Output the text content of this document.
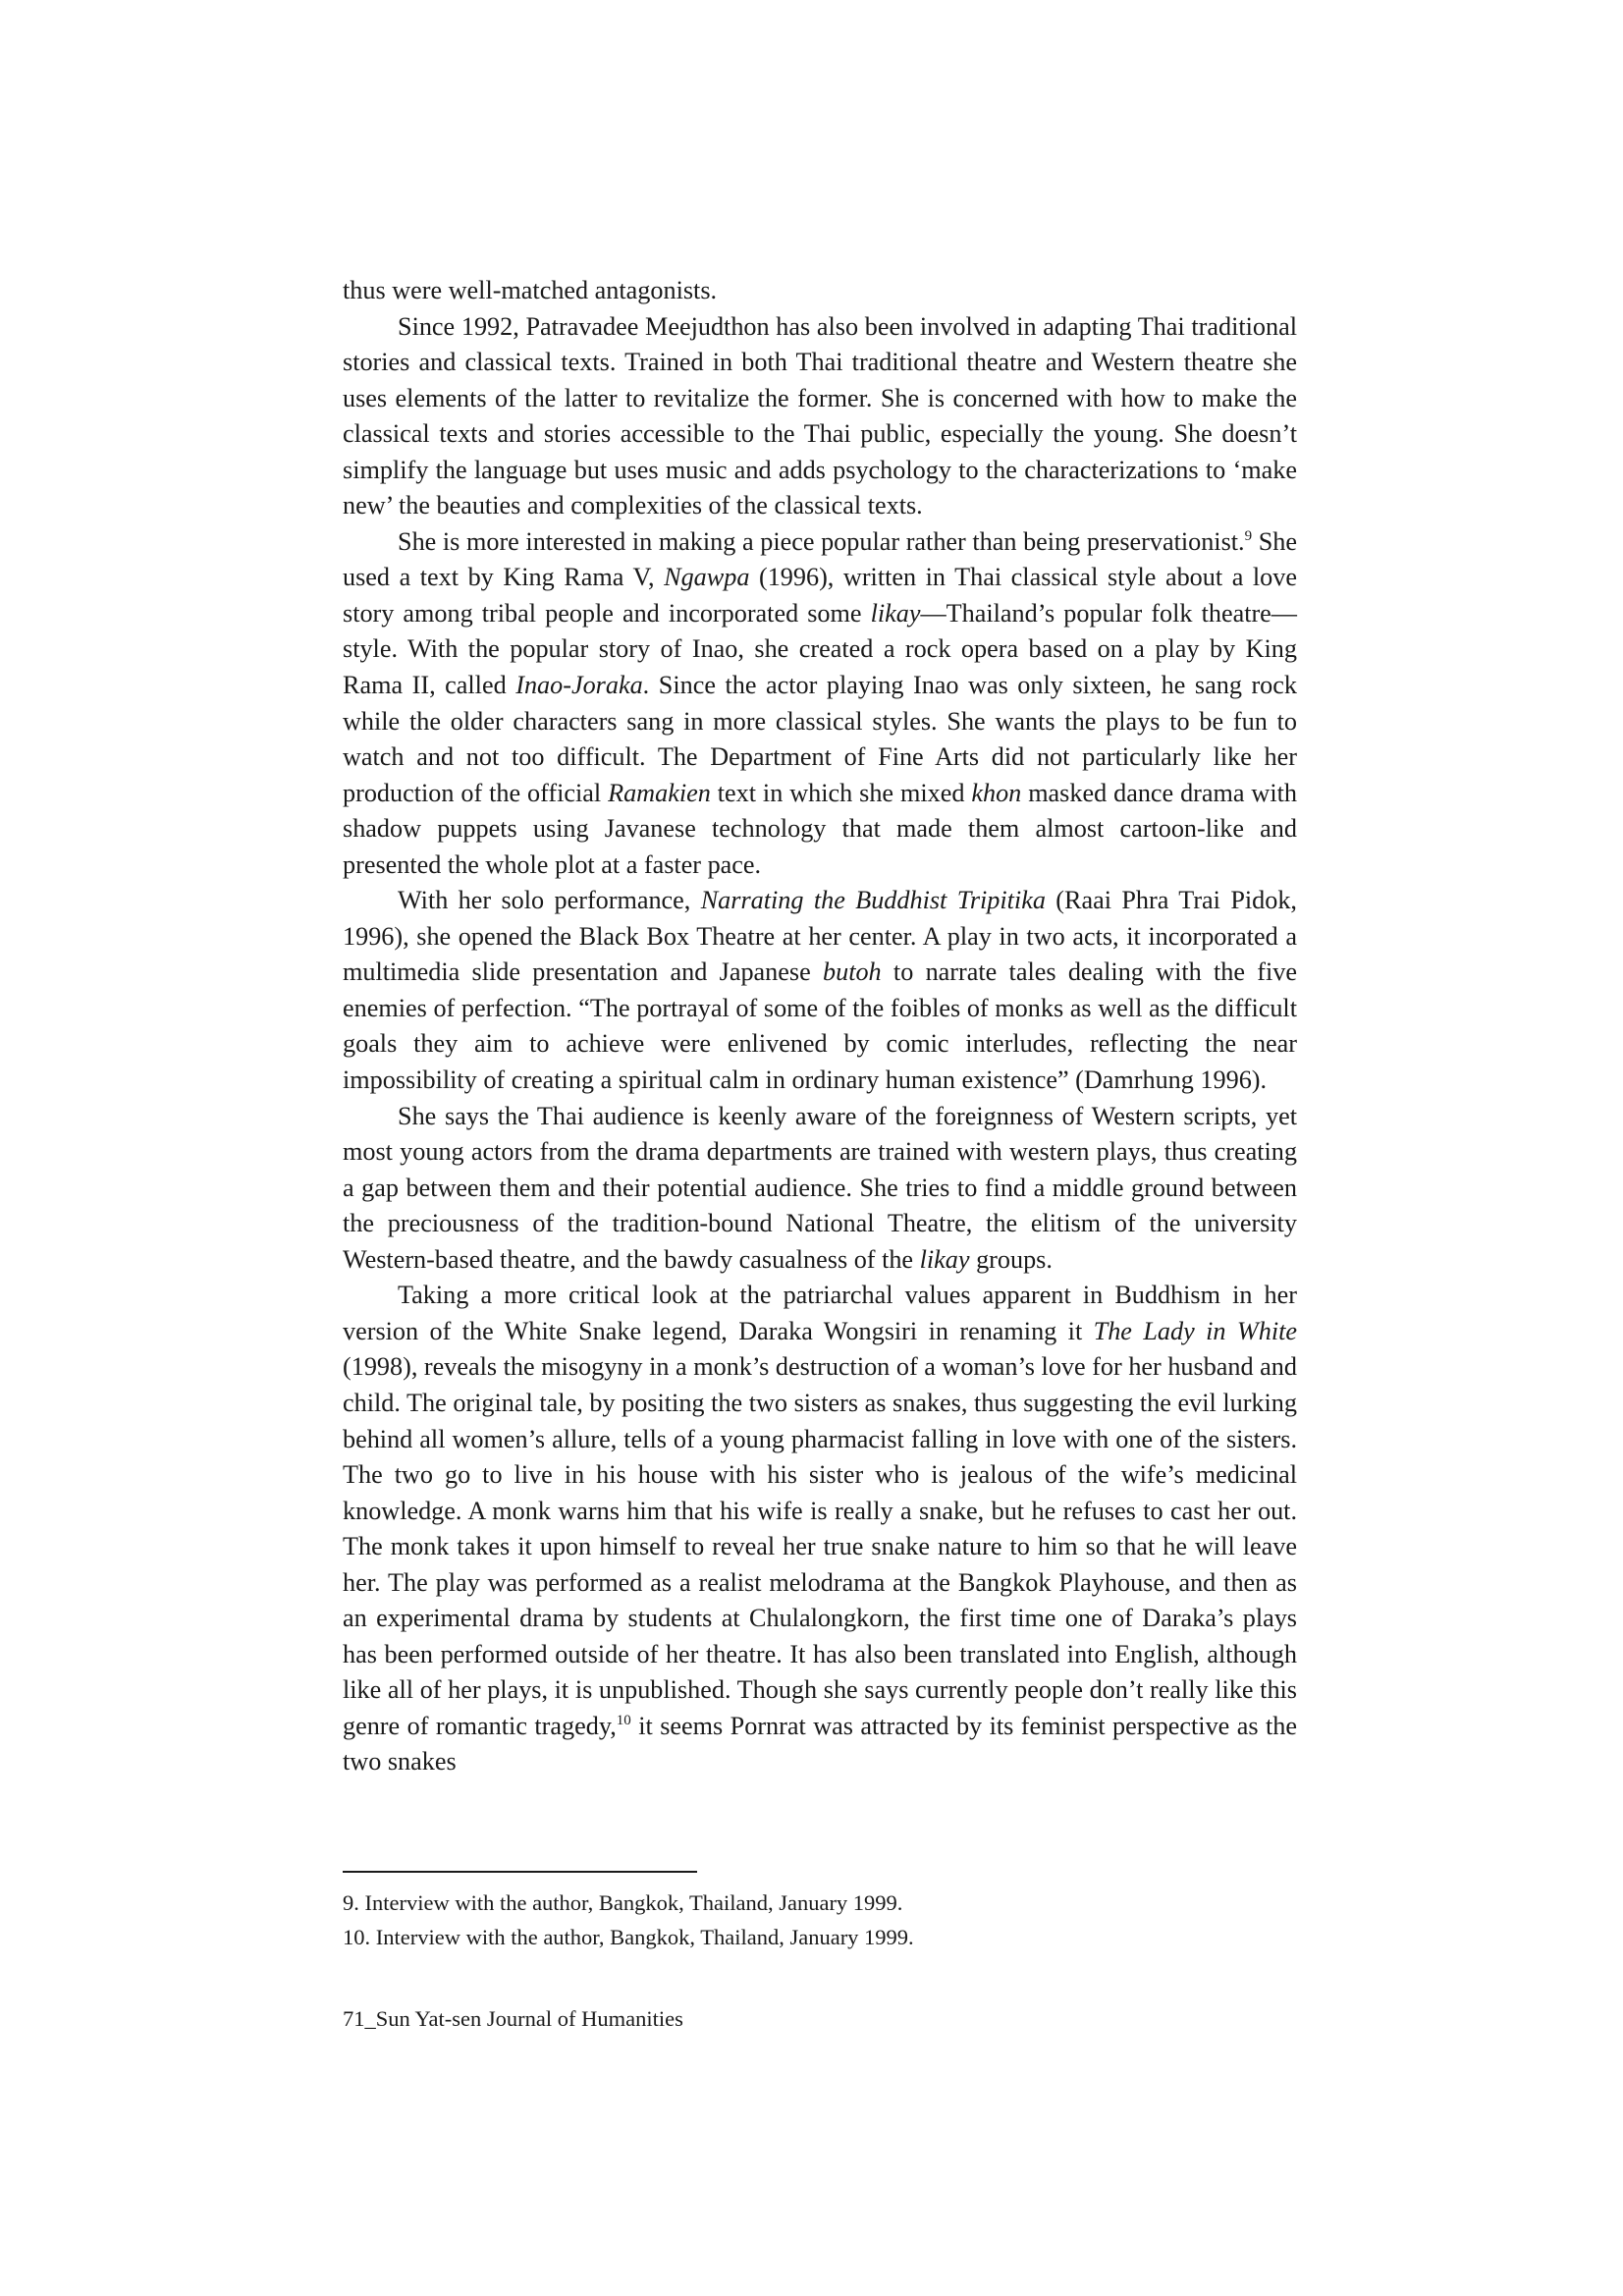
thus were well-matched antagonists.

Since 1992, Patravadee Meejudthon has also been involved in adapting Thai traditional stories and classical texts. Trained in both Thai traditional theatre and Western theatre she uses elements of the latter to revitalize the former. She is concerned with how to make the classical texts and stories accessible to the Thai public, especially the young. She doesn’t simplify the language but uses music and adds psychology to the characterizations to ‘make new’ the beauties and complexities of the classical texts.

She is more interested in making a piece popular rather than being preservationist.$^9$ She used a text by King Rama V, Ngawpa (1996), written in Thai classical style about a love story among tribal people and incorporated some likay—Thailand’s popular folk theatre—style. With the popular story of Inao, she created a rock opera based on a play by King Rama II, called Inao-Joraka. Since the actor playing Inao was only sixteen, he sang rock while the older characters sang in more classical styles. She wants the plays to be fun to watch and not too difficult. The Department of Fine Arts did not particularly like her production of the official Ramakien text in which she mixed khon masked dance drama with shadow puppets using Javanese technology that made them almost cartoon-like and presented the whole plot at a faster pace.

With her solo performance, Narrating the Buddhist Tripitika (Raai Phra Trai Pidok, 1996), she opened the Black Box Theatre at her center. A play in two acts, it incorporated a multimedia slide presentation and Japanese butoh to narrate tales dealing with the five enemies of perfection. “The portrayal of some of the foibles of monks as well as the difficult goals they aim to achieve were enlivened by comic interludes, reflecting the near impossibility of creating a spiritual calm in ordinary human existence” (Damrhung 1996).

She says the Thai audience is keenly aware of the foreignness of Western scripts, yet most young actors from the drama departments are trained with western plays, thus creating a gap between them and their potential audience. She tries to find a middle ground between the preciousness of the tradition-bound National Theatre, the elitism of the university Western-based theatre, and the bawdy casualness of the likay groups.

Taking a more critical look at the patriarchal values apparent in Buddhism in her version of the White Snake legend, Daraka Wongsiri in renaming it The Lady in White (1998), reveals the misogyny in a monk’s destruction of a woman’s love for her husband and child. The original tale, by positing the two sisters as snakes, thus suggesting the evil lurking behind all women’s allure, tells of a young pharmacist falling in love with one of the sisters. The two go to live in his house with his sister who is jealous of the wife’s medicinal knowledge. A monk warns him that his wife is really a snake, but he refuses to cast her out. The monk takes it upon himself to reveal her true snake nature to him so that he will leave her. The play was performed as a realist melodrama at the Bangkok Playhouse, and then as an experimental drama by students at Chulalongkorn, the first time one of Daraka’s plays has been performed outside of her theatre. It has also been translated into English, although like all of her plays, it is unpublished. Though she says currently people don’t really like this genre of romantic tragedy,$^{10}$ it seems Pornrat was attracted by its feminist perspective as the two snakes

9. Interview with the author, Bangkok, Thailand, January 1999.
10. Interview with the author, Bangkok, Thailand, January 1999.
71_Sun Yat-sen Journal of Humanities
